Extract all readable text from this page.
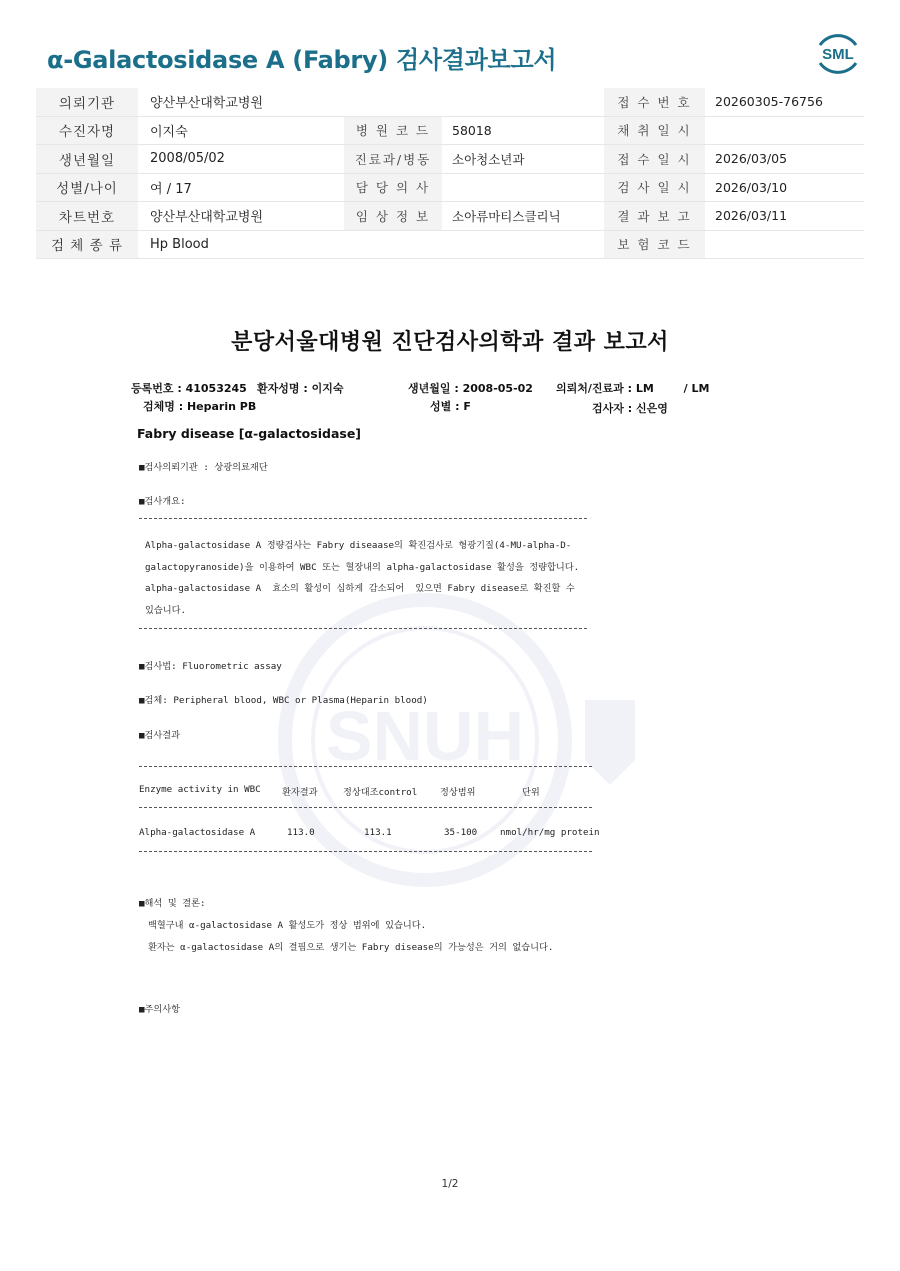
α-Galactosidase A (Fabry) 검사결과보고서	SML
의뢰기관	양산부산대학교병원			접 수 번 호	20260305-76756
수진자명	이지숙	병 원 코 드	58018	채 취 일 시	
생년월일	2008/05/02	진료과/병동	소아청소년과	접 수 일 시	2026/03/05
성별/나이	여 / 17	담 당 의 사		검 사 일 시	2026/03/10
차트번호	양산부산대학교병원	임 상 정 보	소아류마티스클리닉	결 과 보 고	2026/03/11
검 체 종 류	Hp Blood			보 험 코 드	
SNUH
분당서울대병원 진단검사의학과 결과 보고서
등록번호 : 41053245 환자성명 : 이지숙	생년월일 : 2008-05-02 의뢰처/진료과 : LM	/ LM
검체명 : Heparin PB	성별 : F	검사자 : 신은영
Fabry disease [α-galactosidase]
■검사의뢰기관 : 상광의료재단
■검사개요:
Alpha-galactosidase A 정량검사는 Fabry diseaase의 확진검사로 형광기질(4-MU-alpha-D-
galactopyranoside)을 이용하여 WBC 또는 혈장내의 alpha-galactosidase 활성을 정량합니다.
alpha-galactosidase A  효소의 활성이 심하게 감소되어  있으면 Fabry disease로 확진할 수
있습니다.
■검사법: Fluorometric assay
■검체: Peripheral blood, WBC or Plasma(Heparin blood)
■검사결과
Enzyme activity in WBC 환자결과	정상대조control 정상범위	단위
Alpha-galactosidase A	113.0	113.1	35-100 nmol/hr/mg protein
■해석 및 결론:
백혈구내 α-galactosidase A 활성도가 정상 범위에 있습니다.
환자는 α-galactosidase A의 결핍으로 생기는 Fabry disease의 가능성은 거의 없습니다.
■주의사항
1/2
